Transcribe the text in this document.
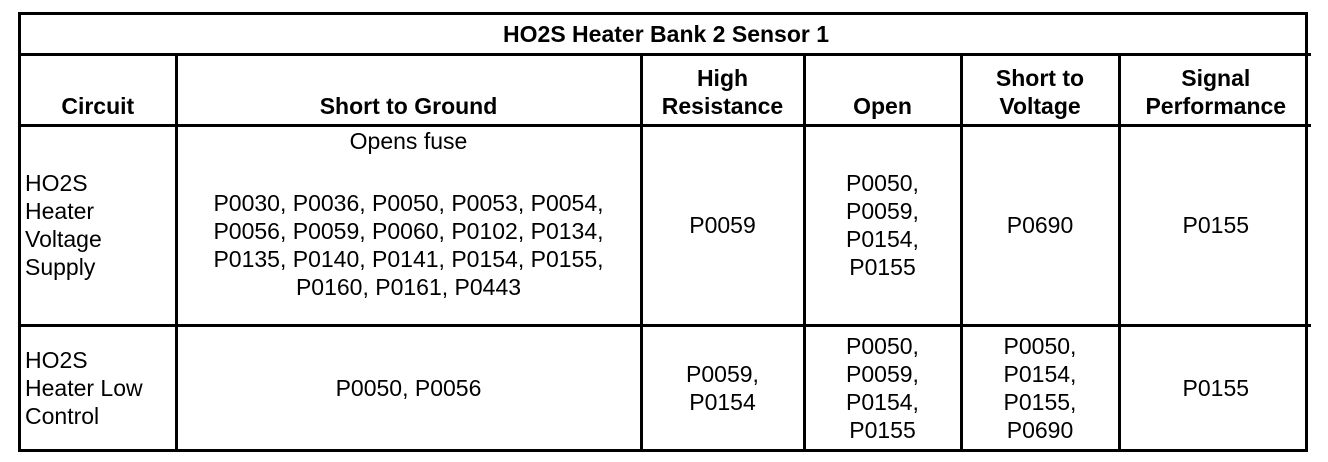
HO2S Heater Bank 2 Sensor 1					
Circuit	Short to Ground	High
Resistance	Open	Short to
Voltage	Signal
Performance

HO2S
Heater
Voltage
Supply	Opens fuse
P0030, P0036, P0050, P0053, P0054,
P0056, P0059, P0060, P0102, P0134,
P0135, P0140, P0141, P0154, P0155,
P0160, P0161, P0443	P0059	P0050,
P0059,
P0154,
P0155	P0690	P0155

HO2S
Heater Low
Control	P0050, P0056	P0059,
P0154	P0050,
P0059,
P0154,
P0155	P0050,
P0154,
P0155,
P0690	P0155
